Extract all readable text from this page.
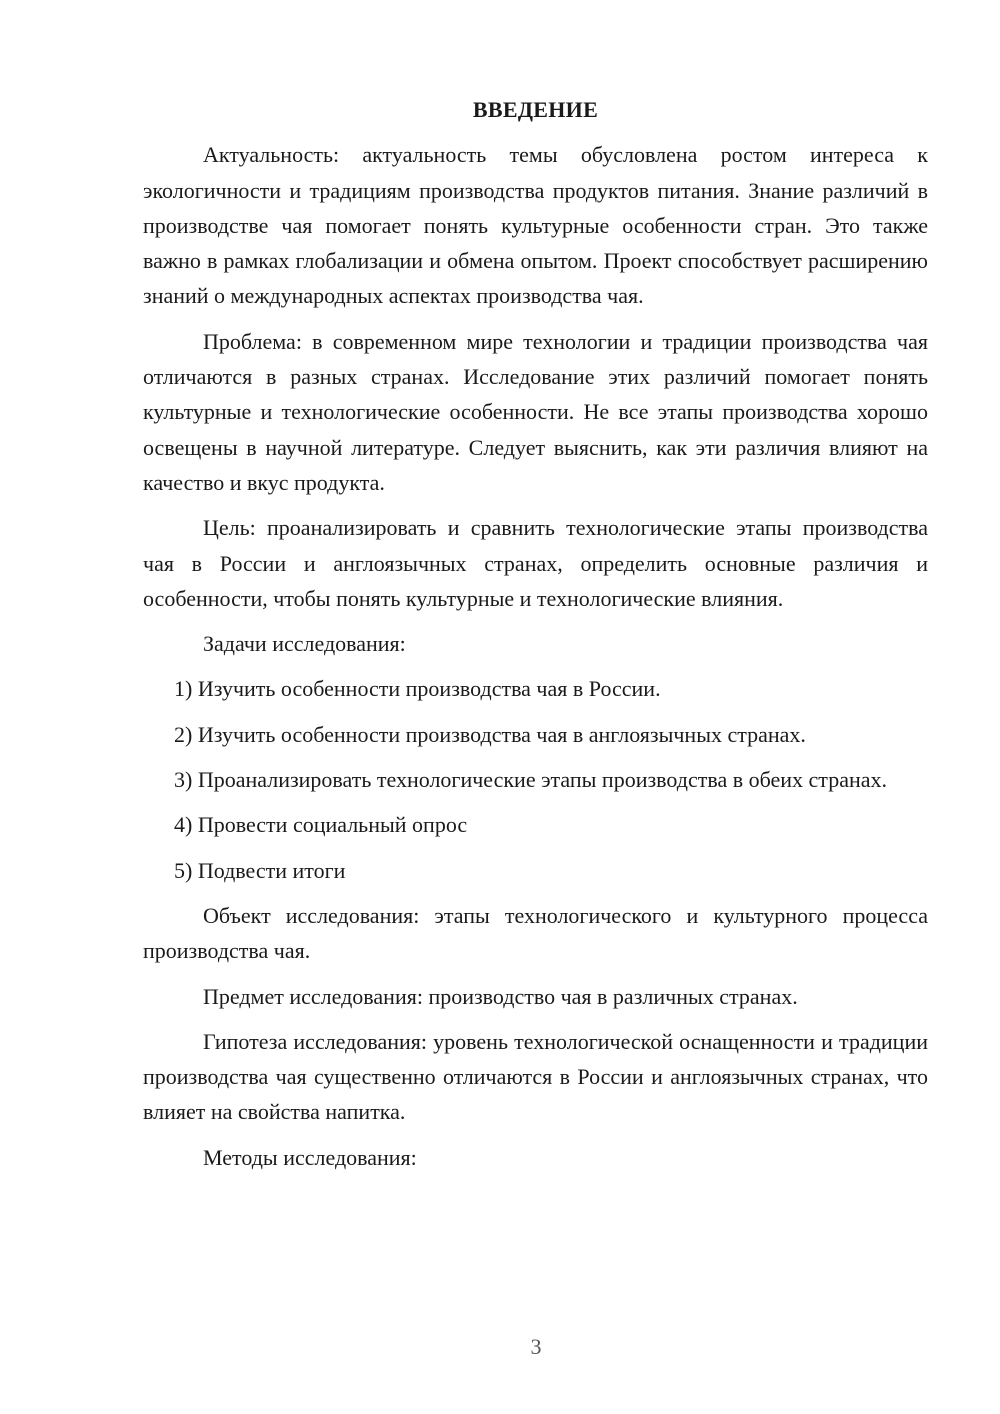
ВВЕДЕНИЕ

Актуальность: актуальность темы обусловлена ростом интереса к экологичности и традициям производства продуктов питания. Знание различий в производстве чая помогает понять культурные особенности стран. Это также важно в рамках глобализации и обмена опытом. Проект способствует расширению знаний о международных аспектах производства чая.

Проблема: в современном мире технологии и традиции производства чая отличаются в разных странах. Исследование этих различий помогает понять культурные и технологические особенности. Не все этапы производства хорошо освещены в научной литературе. Следует выяснить, как эти различия влияют на качество и вкус продукта.

Цель: проанализировать и сравнить технологические этапы производства чая в России и англоязычных странах, определить основные различия и особенности, чтобы понять культурные и технологические влияния.

Задачи исследования:

1) Изучить особенности производства чая в России.

2) Изучить особенности производства чая в англоязычных странах.

3) Проанализировать технологические этапы производства в обеих странах.

4) Провести социальный опрос

5) Подвести итоги

Объект исследования: этапы технологического и культурного процесса производства чая.

Предмет исследования: производство чая в различных странах.

Гипотеза исследования: уровень технологической оснащенности и традиции производства чая существенно отличаются в России и англоязычных странах, что влияет на свойства напитка.

Методы исследования:

3
